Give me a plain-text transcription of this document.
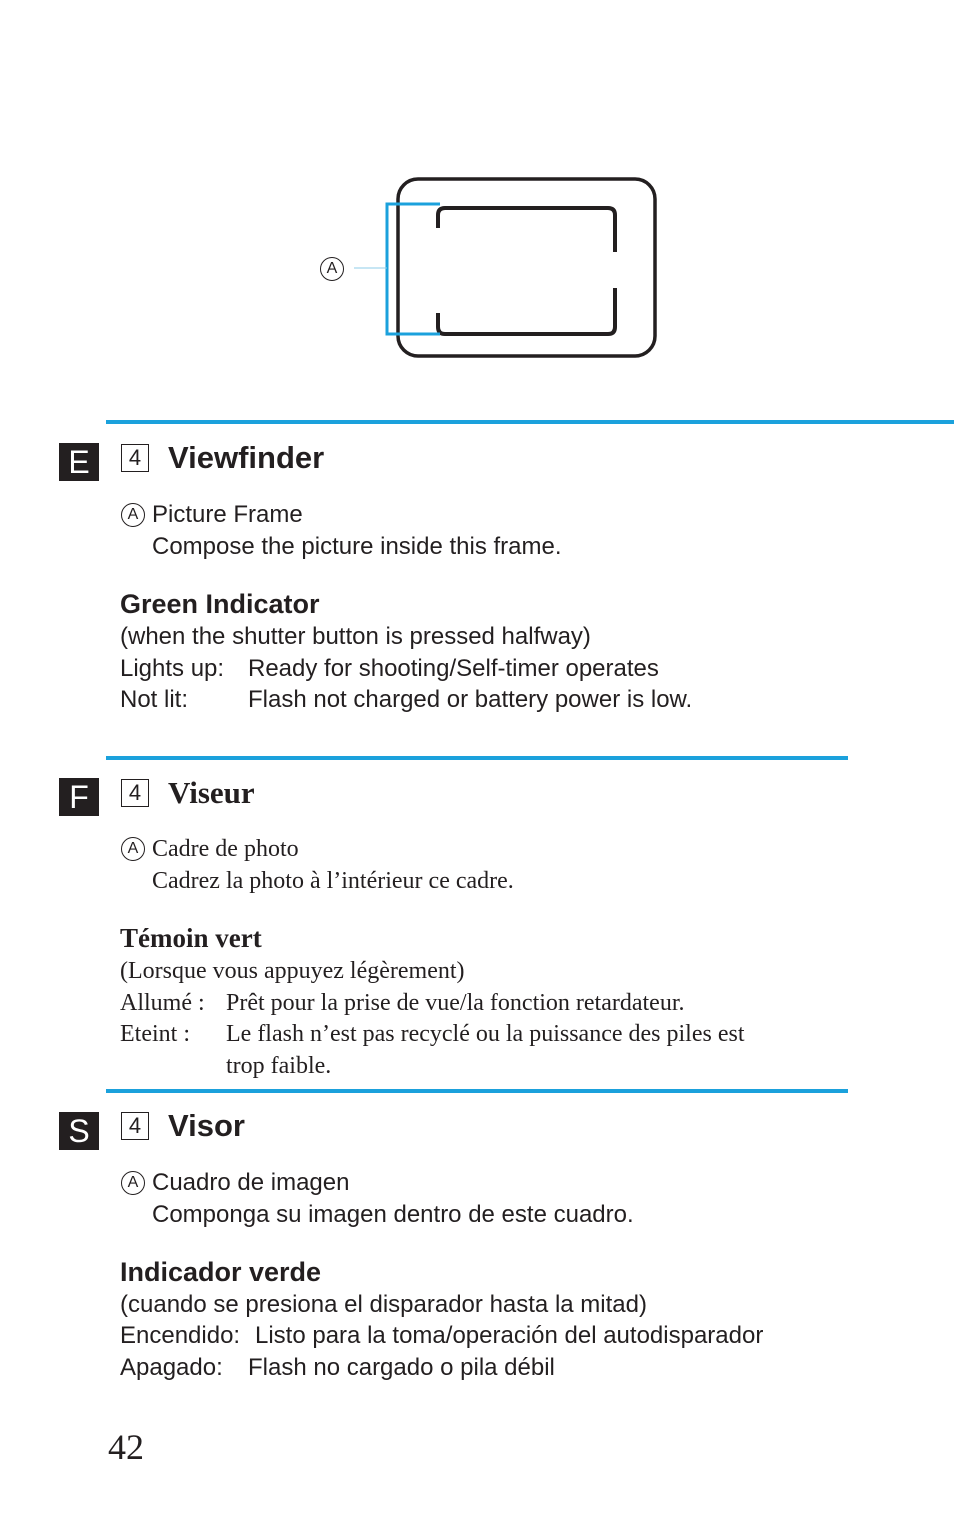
A
E	4 Viewfinder
A Picture Frame
Compose the picture inside this frame.
Green Indicator
(when the shutter button is pressed halfway)
Lights up: Ready for shooting/Self-timer operates
Not lit: Flash not charged or battery power is low.
F	4 Viseur
A Cadre de photo
Cadrez la photo à l’intérieur ce cadre.
Témoin vert
(Lorsque vous appuyez légèrement)
Allumé : Prêt pour la prise de vue/la fonction retardateur.
Eteint : Le flash n’est pas recyclé ou la puissance des piles est
trop faible.
S	4 Visor
A Cuadro de imagen
Componga su imagen dentro de este cuadro.
Indicador verde
(cuando se presiona el disparador hasta la mitad)
Encendido: Listo para la toma/operación del autodisparador
Apagado: Flash no cargado o pila débil
42
